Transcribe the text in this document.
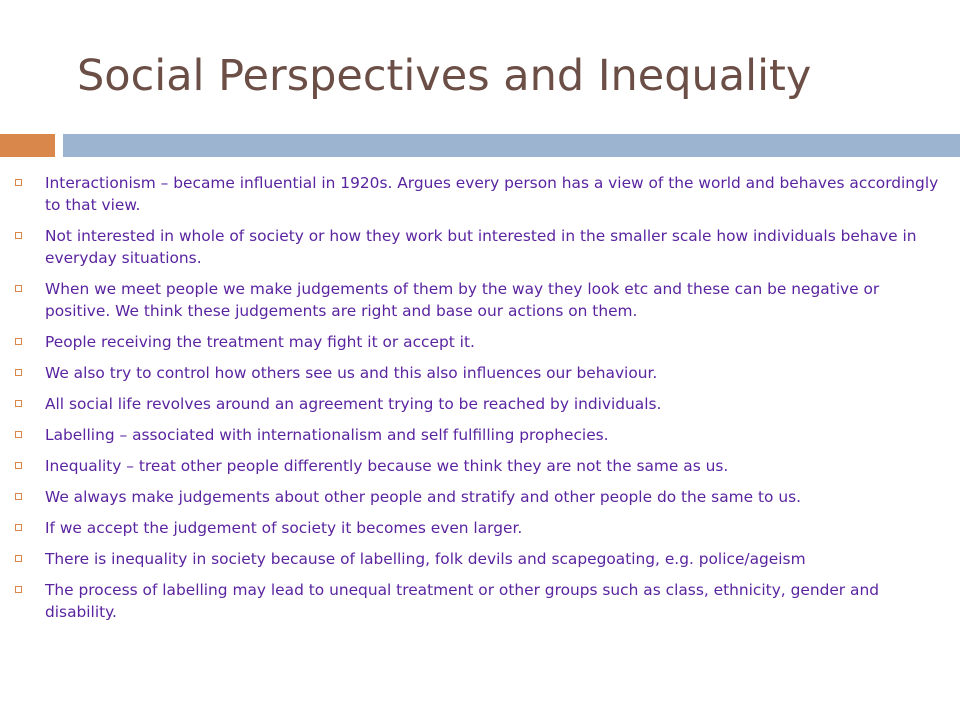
Social Perspectives and Inequality
Interactionism – became influential in 1920s. Argues every person has a view of the world and behaves accordingly to that view.
Not interested in whole of society or how they work but interested in the smaller scale how individuals behave in everyday situations.
When we meet people we make judgements of them by the way they look etc and these can be negative or positive. We think these judgements are right and base our actions on them.
People receiving the treatment may fight it or accept it.
We also try to control how others see us and this also influences our behaviour.
All social life revolves around an agreement trying to be reached by individuals.
Labelling – associated with internationalism and self fulfilling prophecies.
Inequality – treat other people differently because we think they are not the same as us.
We always make judgements about other people and stratify and other people do the same to us.
If we accept the judgement of society it becomes even larger.
There is inequality in society because of labelling, folk devils and scapegoating, e.g. police/ageism
The process of labelling may lead to unequal treatment or other groups such as class, ethnicity, gender and disability.
